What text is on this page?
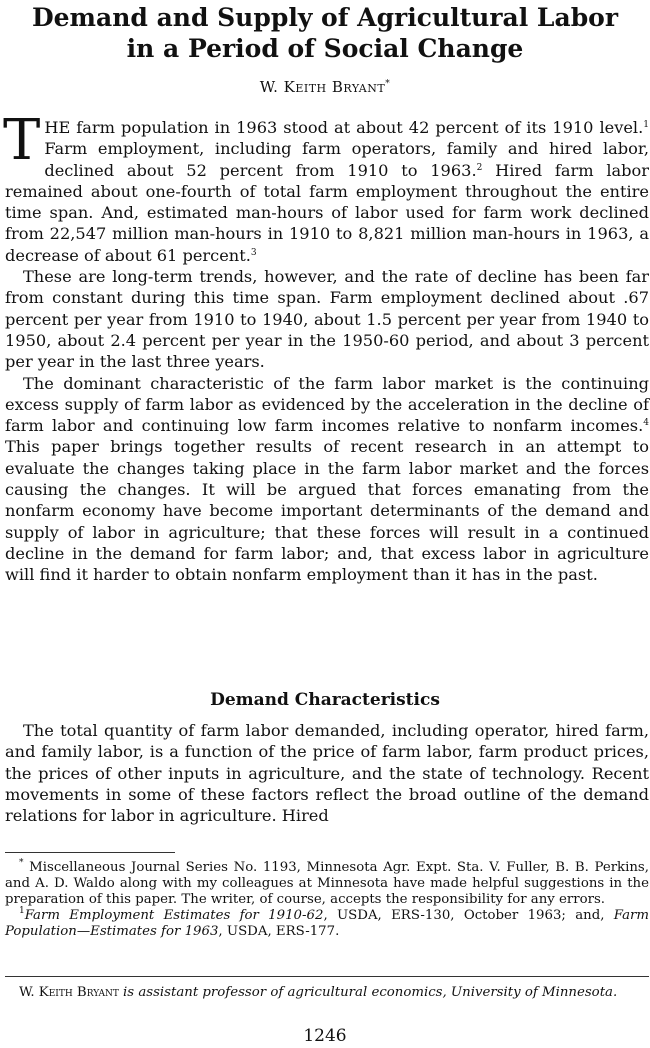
Demand and Supply of Agricultural Labor
in a Period of Social Change
W. Keith Bryant*

THE farm population in 1963 stood at about 42 percent of its 1910 level.$^1$ Farm employment, including farm operators, family and hired labor, declined about 52 percent from 1910 to 1963.$^2$ Hired farm labor remained about one-fourth of total farm employment throughout the entire time span. And, estimated man-hours of labor used for farm work declined from 22,547 million man-hours in 1910 to 8,821 million man-hours in 1963, a decrease of about 61 percent.$^3$

These are long-term trends, however, and the rate of decline has been far from constant during this time span. Farm employment declined about .67 percent per year from 1910 to 1940, about 1.5 percent per year from 1940 to 1950, about 2.4 percent per year in the 1950-60 period, and about 3 percent per year in the last three years.

The dominant characteristic of the farm labor market is the continuing excess supply of farm labor as evidenced by the acceleration in the decline of farm labor and continuing low farm incomes relative to nonfarm incomes.$^4$ This paper brings together results of recent research in an attempt to evaluate the changes taking place in the farm labor market and the forces causing the changes. It will be argued that forces emanating from the nonfarm economy have become important determinants of the demand and supply of labor in agriculture; that these forces will result in a continued decline in the demand for farm labor; and, that excess labor in agriculture will find it harder to obtain nonfarm employment than it has in the past.

Demand Characteristics

The total quantity of farm labor demanded, including operator, hired farm, and family labor, is a function of the price of farm labor, farm product prices, the prices of other inputs in agriculture, and the state of technology. Recent movements in some of these factors reflect the broad outline of the demand relations for labor in agriculture. Hired

* Miscellaneous Journal Series No. 1193, Minnesota Agr. Expt. Sta. V. Fuller, B. B. Perkins, and A. D. Waldo along with my colleagues at Minnesota have made helpful suggestions in the preparation of this paper. The writer, of course, accepts the responsibility for any errors.

$^1$Farm Employment Estimates for 1910-62, USDA, ERS-130, October 1963; and, Farm Population—Estimates for 1963, USDA, ERS-177.

W. Keith Bryant is assistant professor of agricultural economics, University of Minnesota.

1246
